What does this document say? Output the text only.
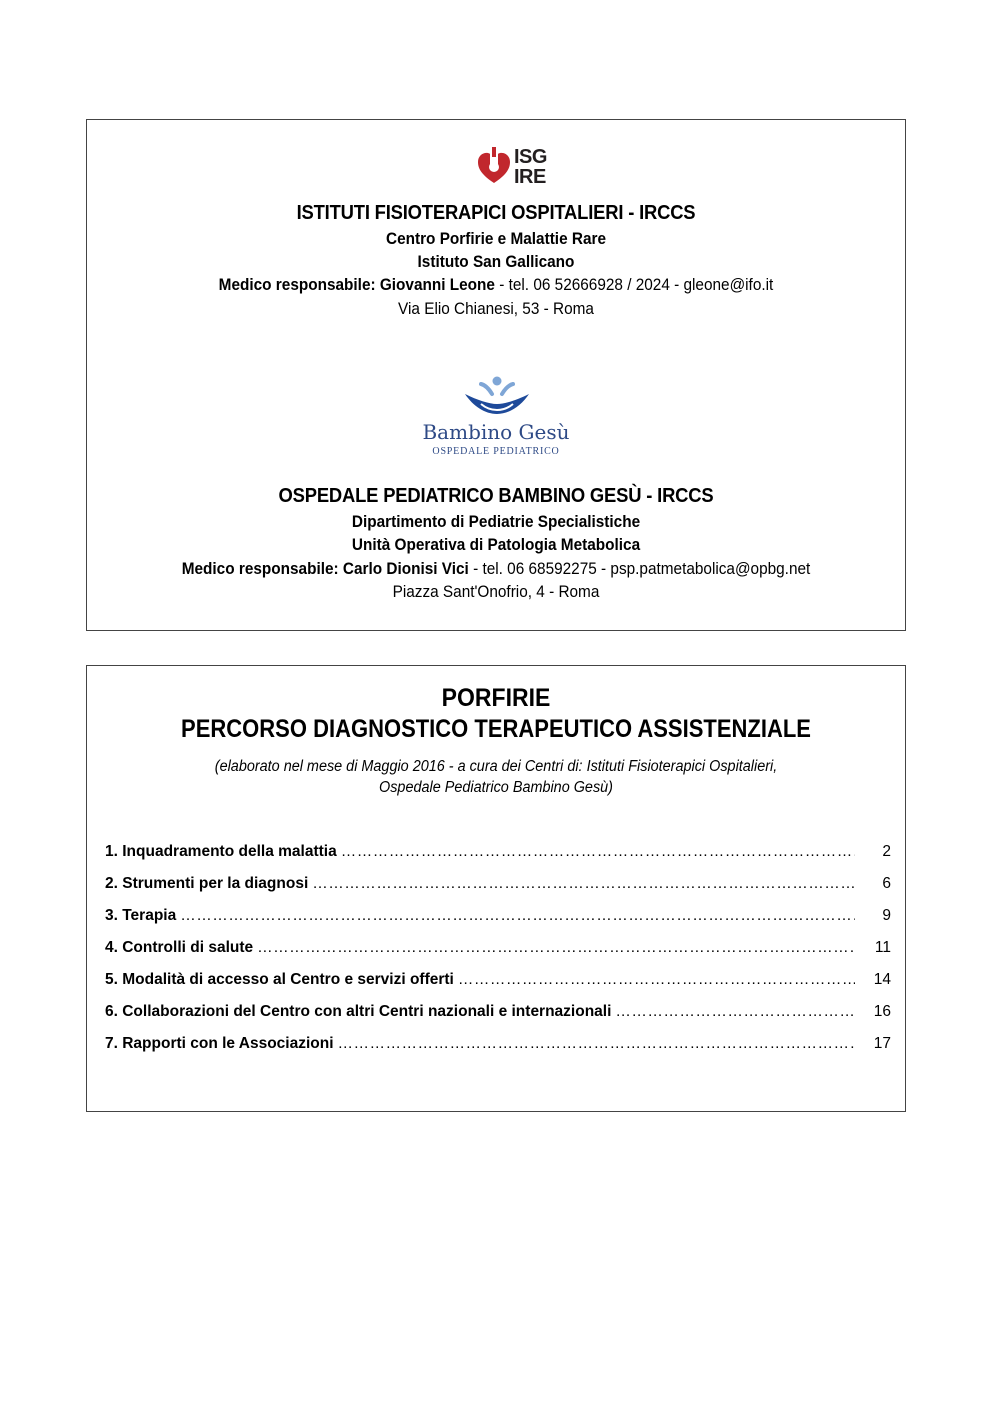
ISG
IRE
ISTITUTI FISIOTERAPICI OSPITALIERI - IRCCS
Centro Porfirie e Malattie Rare
Istituto San Gallicano
Medico responsabile: Giovanni Leone - tel. 06 52666928 / 2024 - gleone@ifo.it
Via Elio Chianesi, 53 - Roma
Bambino Gesù
OSPEDALE PEDIATRICO
OSPEDALE PEDIATRICO BAMBINO GESÙ - IRCCS
Dipartimento di Pediatrie Specialistiche
Unità Operativa di Patologia Metabolica
Medico responsabile: Carlo Dionisi Vici - tel. 06 68592275 - psp.patmetabolica@opbg.net
Piazza Sant'Onofrio, 4 - Roma
PORFIRIE
PERCORSO DIAGNOSTICO TERAPEUTICO ASSISTENZIALE
(elaborato nel mese di Maggio 2016 - a cura dei Centri di: Istituti Fisioterapici Ospitalieri,
Ospedale Pediatrico Bambino Gesù)
1. Inquadramento della malattia …………………………………………………………………………………………………………………………………………………………………………	2
2. Strumenti per la diagnosi …………………………………………………………………………………………………………………………………………………………………………	6
3. Terapia …………………………………………………………………………………………………………………………………………………………………………	9
4. Controlli di salute …………………………………………………………………………………………………………………………………………………………………………	11
5. Modalità di accesso al Centro e servizi offerti …………………………………………………………………………………………………………………………………………………………………………	14
6. Collaborazioni del Centro con altri Centri nazionali e internazionali …………………………………………………………………………………………………………………………………………………………………………	16
7. Rapporti con le Associazioni …………………………………………………………………………………………………………………………………………………………………………	17
